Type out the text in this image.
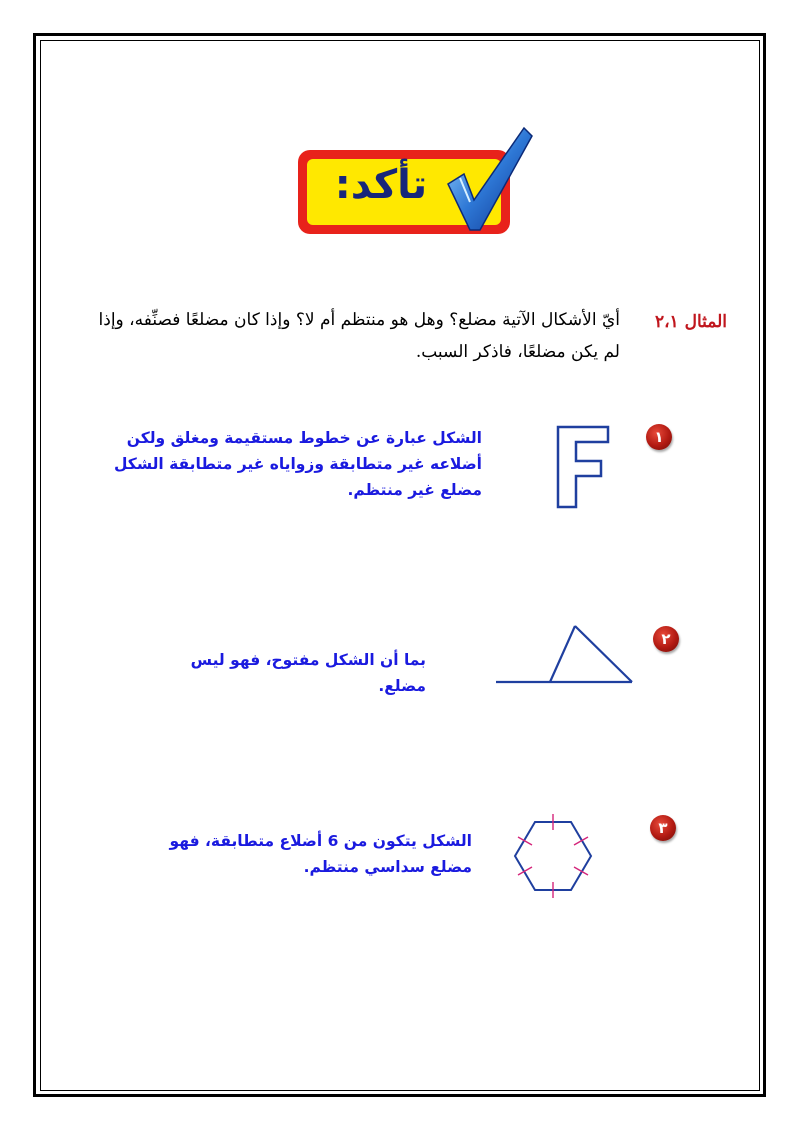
تأكد:
المثال ٢،١
أيّ الأشكال الآتية مضلع؟ وهل هو منتظم أم لا؟ وإذا كان مضلعًا فصنِّفه، وإذا لم يكن مضلعًا، فاذكر السبب.
١
الشكل عبارة عن خطوط مستقيمة ومغلق ولكن أضلاعه غير متطابقة وزواياه غير متطابقة الشكل مضلع غير منتظم.
٢
بما أن الشكل مفتوح، فهو ليس مضلع.
٣
الشكل يتكون من 6 أضلاع متطابقة، فهو مضلع سداسي منتظم.
